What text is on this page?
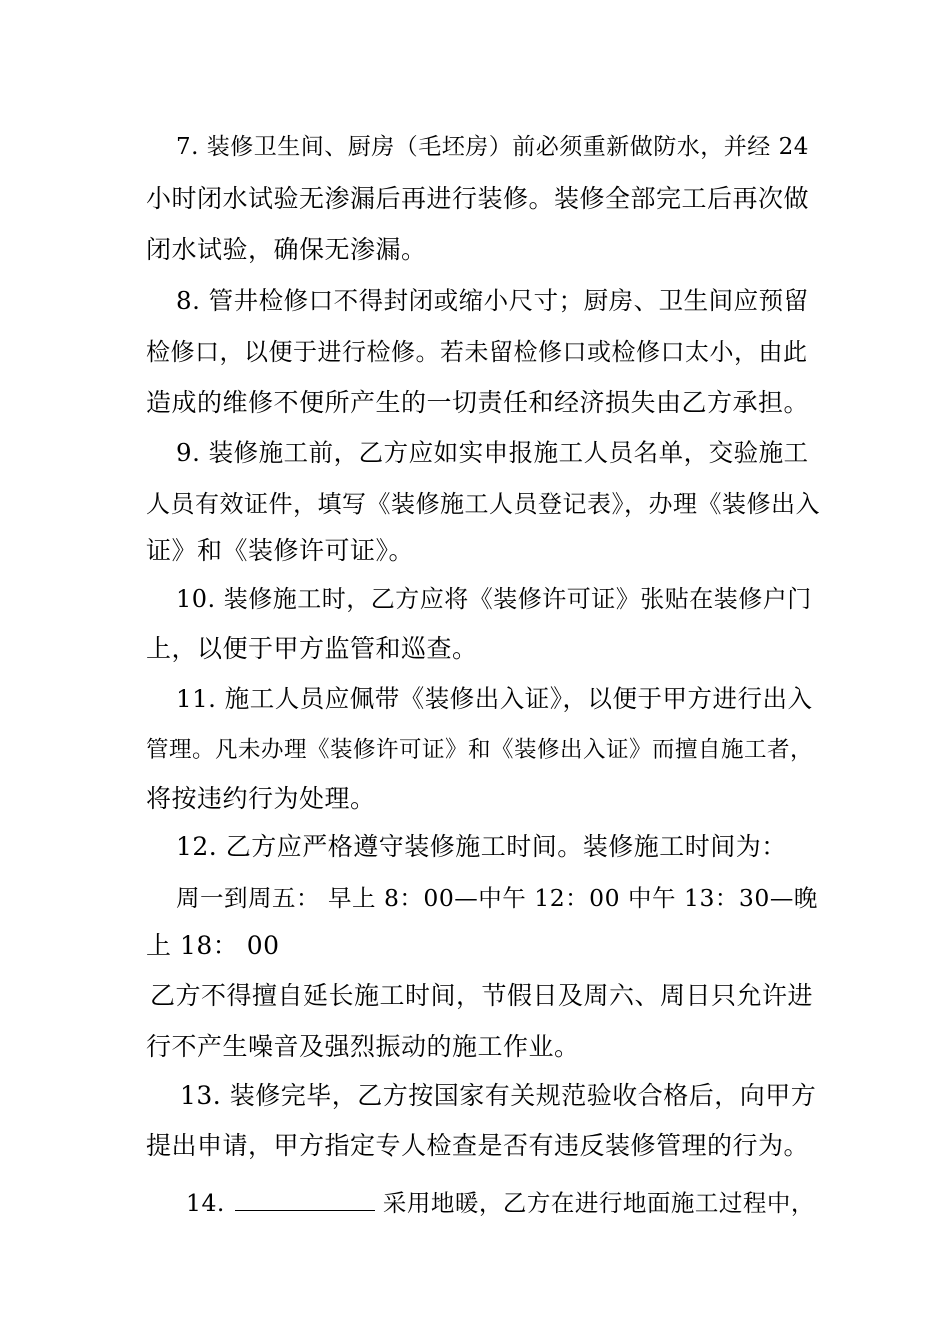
7. 装修卫生间、厨房（毛坯房）前必须重新做防水，并经 24
小时闭水试验无渗漏后再进行装修。装修全部完工后再次做
闭水试验，确保无渗漏。
8. 管井检修口不得封闭或缩小尺寸；厨房、卫生间应预留
检修口，以便于进行检修。若未留检修口或检修口太小，由此
造成的维修不便所产生的一切责任和经济损失由乙方承担。
9. 装修施工前，乙方应如实申报施工人员名单，交验施工
人员有效证件，填写《装修施工人员登记表》，办理《装修出入
证》和《装修许可证》。
10. 装修施工时，乙方应将《装修许可证》张贴在装修户门
上，以便于甲方监管和巡查。
11. 施工人员应佩带《装修出入证》，以便于甲方进行出入
管理。凡未办理《装修许可证》和《装修出入证》而擅自施工者，
将按违约行为处理。
12. 乙方应严格遵守装修施工时间。装修施工时间为：
周一到周五： 早上 8：00—中午 12：00 中午 13：30—晚
上 18： 00
乙方不得擅自延长施工时间，节假日及周六、周日只允许进
行不产生噪音及强烈振动的施工作业。
13. 装修完毕，乙方按国家有关规范验收合格后，向甲方
提出申请，甲方指定专人检查是否有违反装修管理的行为。
14.	采用地暖，乙方在进行地面施工过程中，
